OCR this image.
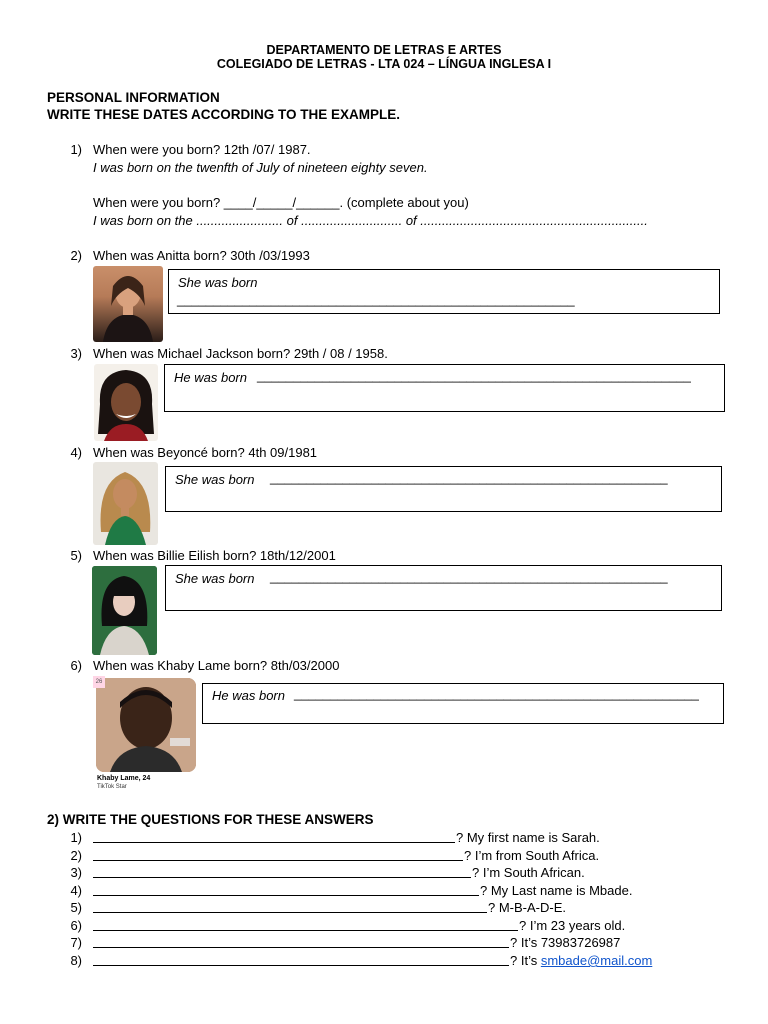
DEPARTAMENTO DE LETRAS E ARTES
COLEGIADO DE LETRAS - LTA 024 – LÍNGUA INGLESA I
PERSONAL INFORMATION
WRITE THESE DATES ACCORDING TO THE EXAMPLE.
1) When were you born? 12th /07/ 1987.
I was born on the twenfth of July of nineteen eighty seven.
When were you born? ____/_____/______. (complete about you)
I was born on the ........................ of ............................ of ...............................................................
2) When was Anitta born? 30th /03/1993
She was born
_______________________________________________________
3) When was Michael Jackson born? 29th / 08 / 1958.
He was born ____________________________________________________________
4) When was Beyoncé born? 4th 09/1981
She was born _______________________________________________________
5) When was Billie Eilish born? 18th/12/2001
She was born _______________________________________________________
6) When was Khaby Lame born? 8th/03/2000
26
Khaby Lame, 24
TikTok Star
He was born ________________________________________________________
2) WRITE THE QUESTIONS FOR THESE ANSWERS
1)	? My first name is Sarah.
2)	? I’m from South Africa.
3)	? I’m South African.
4)	? My Last name is Mbade.
5)	? M-B-A-D-E.
6)	? I’m 23 years old.
7)	? It’s 73983726987
8)	? It’s smbade@mail.com
